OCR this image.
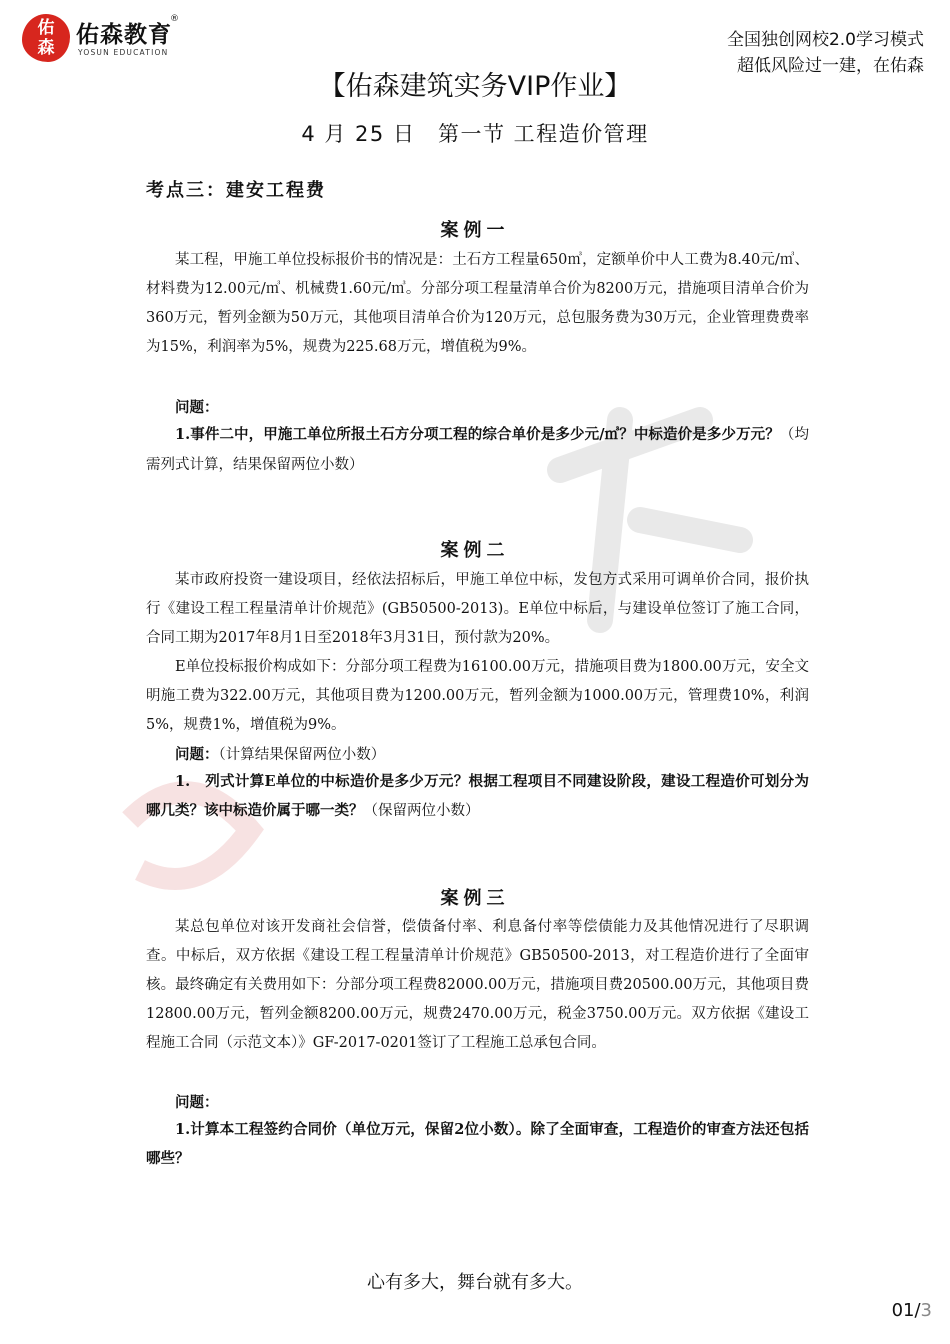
佑
森 佑森教育
®
YOSUN EDUCATION
全国独创网校2.0学习模式
超低风险过一建，在佑森
【佑森建筑实务VIP作业】
4 月 25 日　第一节 工程造价管理
考点三：建安工程费
案例一
某工程，甲施工单位投标报价书的情况是：土石方工程量650㎥，定额单价中人工费为8.40元/㎥、材料费为12.00元/㎥、机械费1.60元/㎥。分部分项工程量清单合价为8200万元，措施项目清单合价为360万元，暂列金额为50万元，其他项目清单合价为120万元，总包服务费为30万元，企业管理费费率为15%，利润率为5%，规费为225.68万元，增值税为9%。
问题：
1.事件二中，甲施工单位所报土石方分项工程的综合单价是多少元/㎥？中标造价是多少万元？（均需列式计算，结果保留两位小数）
案例二
某市政府投资一建设项目，经依法招标后，甲施工单位中标，发包方式采用可调单价合同，报价执行《建设工程工程量清单计价规范》(GB50500-2013)。E单位中标后，与建设单位签订了施工合同，合同工期为2017年8月1日至2018年3月31日，预付款为20%。
E单位投标报价构成如下：分部分项工程费为16100.00万元，措施项目费为1800.00万元，安全文明施工费为322.00万元，其他项目费为1200.00万元，暂列金额为1000.00万元，管理费10%，利润5%，规费1%，增值税为9%。
问题：（计算结果保留两位小数）
1.　列式计算E单位的中标造价是多少万元？根据工程项目不同建设阶段，建设工程造价可划分为哪几类？该中标造价属于哪一类？（保留两位小数）
案例三
某总包单位对该开发商社会信誉，偿债备付率、利息备付率等偿债能力及其他情况进行了尽职调查。中标后，双方依据《建设工程工程量清单计价规范》GB50500-2013，对工程造价进行了全面审核。最终确定有关费用如下：分部分项工程费82000.00万元，措施项目费20500.00万元，其他项目费12800.00万元，暂列金额8200.00万元，规费2470.00万元，税金3750.00万元。双方依据《建设工程施工合同（示范文本）》GF-2017-0201签订了工程施工总承包合同。
问题：
1.计算本工程签约合同价（单位万元，保留2位小数）。除了全面审查，工程造价的审查方法还包括哪些？
心有多大，舞台就有多大。
01/3
